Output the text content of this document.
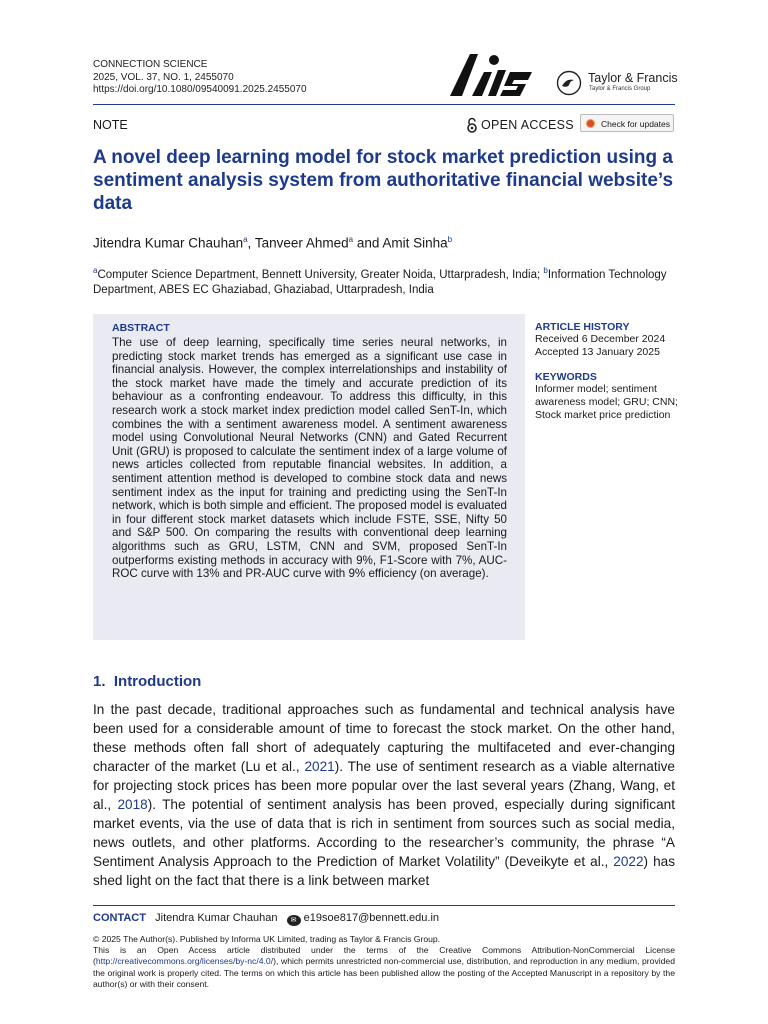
CONNECTION SCIENCE
2025, VOL. 37, NO. 1, 2455070
https://doi.org/10.1080/09540091.2025.2455070
Taylor & Francis
Taylor & Francis Group
NOTE	OPEN ACCESS	Check for updates
A novel deep learning model for stock market prediction using a sentiment analysis system from authoritative financial website’s data
Jitendra Kumar Chauhan$^a$, Tanveer Ahmed$^a$ and Amit Sinha$^b$
$^a$Computer Science Department, Bennett University, Greater Noida, Uttarpradesh, India; $^b$Information Technology Department, ABES EC Ghaziabad, Ghaziabad, Uttarpradesh, India
ABSTRACT
The use of deep learning, specifically time series neural networks, in predicting stock market trends has emerged as a significant use case in financial analysis. However, the complex interrelationships and instability of the stock market have made the timely and accurate prediction of its behaviour as a confronting endeavour. To address this difficulty, in this research work a stock market index prediction model called SenT-In, which combines the with a sentiment awareness model. A sentiment awareness model using Convolutional Neural Networks (CNN) and Gated Recurrent Unit (GRU) is proposed to calculate the sentiment index of a large volume of news articles collected from reputable financial websites. In addition, a sentiment attention method is developed to combine stock data and news sentiment index as the input for training and predicting using the SenT-In network, which is both simple and efficient. The proposed model is evaluated in four different stock market datasets which include FSTE, SSE, Nifty 50 and S&P 500. On comparing the results with conventional deep learning algorithms such as GRU, LSTM, CNN and SVM, proposed SenT-In outperforms existing methods in accuracy with 9%, F1-Score with 7%, AUC-ROC curve with 13% and PR-AUC curve with 9% efficiency (on average).
ARTICLE HISTORY
Received 6 December 2024
Accepted 13 January 2025
KEYWORDS
Informer model; sentiment awareness model; GRU; CNN; Stock market price prediction
1. Introduction
In the past decade, traditional approaches such as fundamental and technical analysis have been used for a considerable amount of time to forecast the stock market. On the other hand, these methods often fall short of adequately capturing the multifaceted and ever-changing character of the market (Lu et al., 2021). The use of sentiment research as a viable alternative for projecting stock prices has been more popular over the last several years (Zhang, Wang, et al., 2018). The potential of sentiment analysis has been proved, especially during significant market events, via the use of data that is rich in sentiment from sources such as social media, news outlets, and other platforms. According to the researcher’s community, the phrase “A Sentiment Analysis Approach to the Prediction of Market Volatility” (Deveikyte et al., 2022) has shed light on the fact that there is a link between market
CONTACT Jitendra Kumar Chauhan ✉ e19soe817@bennett.edu.in
© 2025 The Author(s). Published by Informa UK Limited, trading as Taylor & Francis Group.
This is an Open Access article distributed under the terms of the Creative Commons Attribution-NonCommercial License (http://creativecommons.org/licenses/by-nc/4.0/), which permits unrestricted non-commercial use, distribution, and reproduction in any medium, provided the original work is properly cited. The terms on which this article has been published allow the posting of the Accepted Manuscript in a repository by the author(s) or with their consent.
